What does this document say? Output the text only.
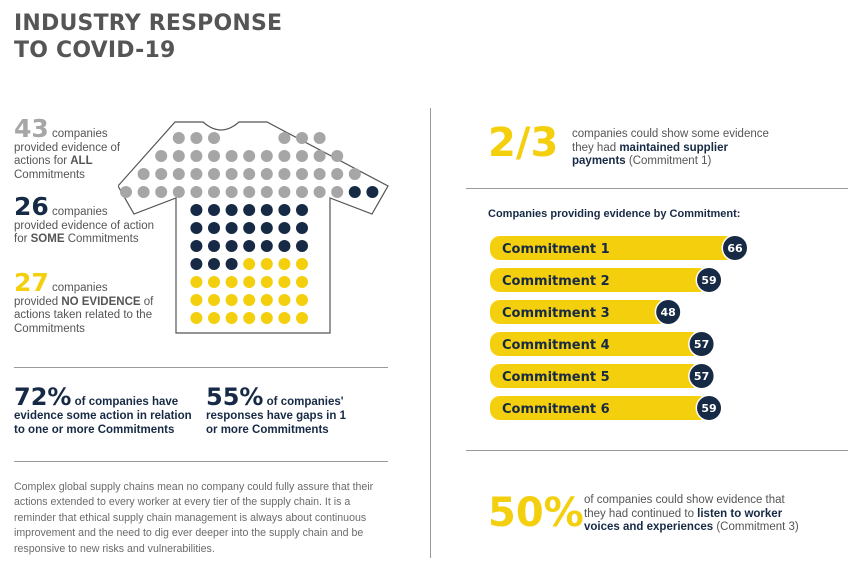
INDUSTRY RESPONSE
TO COVID-19
43 companies provided evidence of actions for ALL Commitments
26 companies provided evidence of action for SOME Commitments
27 companies provided NO EVIDENCE of actions taken related to the Commitments
72% of companies have evidence some action in relation to one or more Commitments
55% of companies' responses have gaps in 1 or more Commitments
Complex global supply chains mean no company could fully assure that their actions extended to every worker at every tier of the supply chain. It is a reminder that ethical supply chain management is always about continuous improvement and the need to dig ever deeper into the supply chain and be responsive to new risks and vulnerabilities.
2/3 companies could show some evidence they had maintained supplier payments (Commitment 1)
Companies providing evidence by Commitment:
Commitment 1	66
Commitment 2	59
Commitment 3	48
Commitment 4	57
Commitment 5	57
Commitment 6	59
50% of companies could show evidence that they had continued to listen to worker voices and experiences (Commitment 3)
